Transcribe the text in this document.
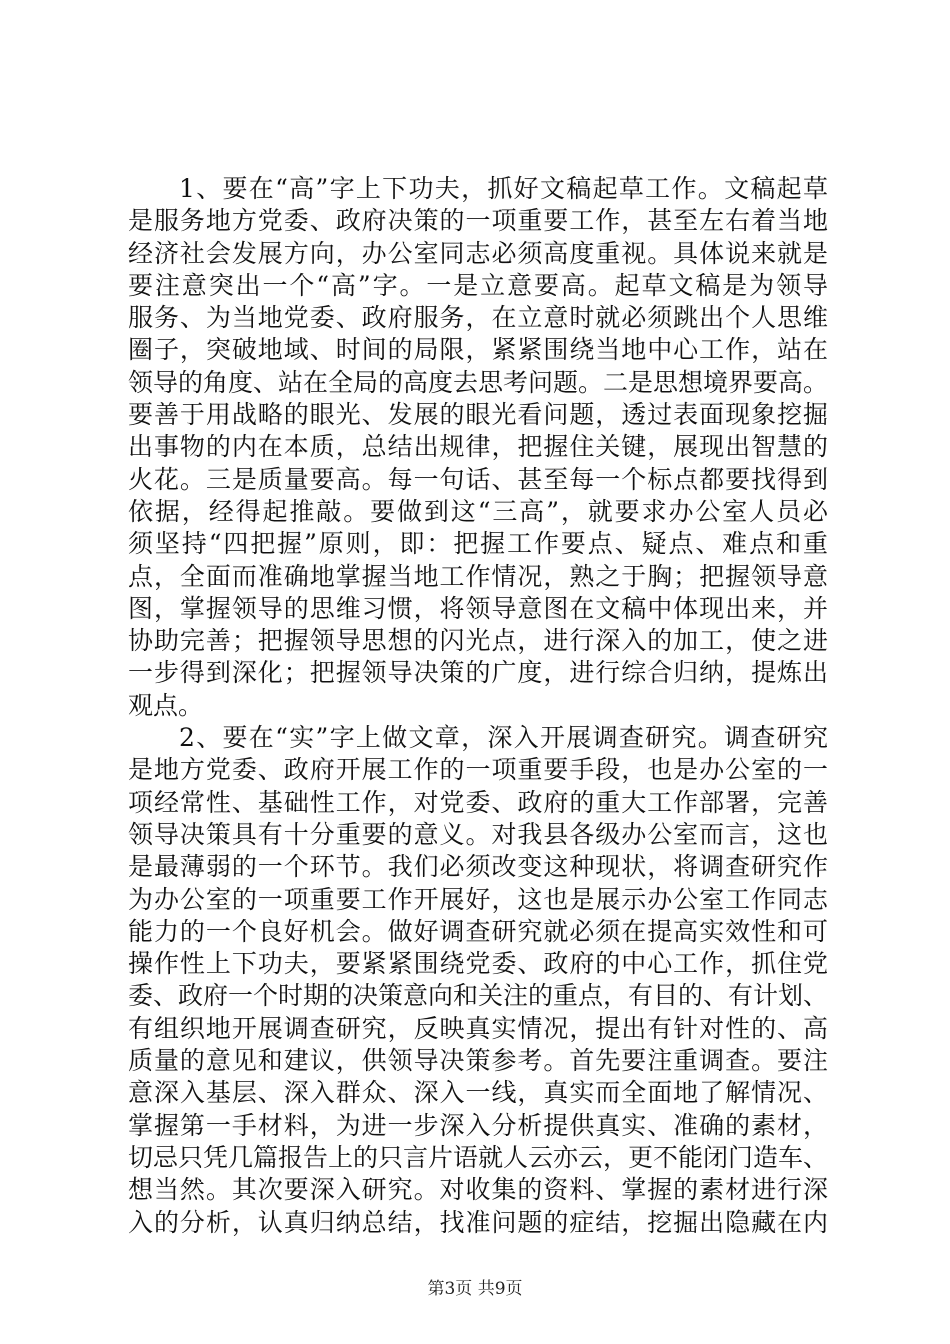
1、要在“高”字上下功夫，抓好文稿起草工作。文稿起草
是服务地方党委、政府决策的一项重要工作，甚至左右着当地
经济社会发展方向，办公室同志必须高度重视。具体说来就是
要注意突出一个“高”字。一是立意要高。起草文稿是为领导
服务、为当地党委、政府服务，在立意时就必须跳出个人思维
圈子，突破地域、时间的局限，紧紧围绕当地中心工作，站在
领导的角度、站在全局的高度去思考问题。二是思想境界要高。
要善于用战略的眼光、发展的眼光看问题，透过表面现象挖掘
出事物的内在本质，总结出规律，把握住关键，展现出智慧的
火花。三是质量要高。每一句话、甚至每一个标点都要找得到
依据，经得起推敲。要做到这“三高”，就要求办公室人员必
须坚持“四把握”原则，即：把握工作要点、疑点、难点和重
点，全面而准确地掌握当地工作情况，熟之于胸；把握领导意
图，掌握领导的思维习惯，将领导意图在文稿中体现出来，并
协助完善；把握领导思想的闪光点，进行深入的加工，使之进
一步得到深化；把握领导决策的广度，进行综合归纳，提炼出
观点。
2、要在“实”字上做文章，深入开展调查研究。调查研究
是地方党委、政府开展工作的一项重要手段，也是办公室的一
项经常性、基础性工作，对党委、政府的重大工作部署，完善
领导决策具有十分重要的意义。对我县各级办公室而言，这也
是最薄弱的一个环节。我们必须改变这种现状，将调查研究作
为办公室的一项重要工作开展好，这也是展示办公室工作同志
能力的一个良好机会。做好调查研究就必须在提高实效性和可
操作性上下功夫，要紧紧围绕党委、政府的中心工作，抓住党
委、政府一个时期的决策意向和关注的重点，有目的、有计划、
有组织地开展调查研究，反映真实情况，提出有针对性的、高
质量的意见和建议，供领导决策参考。首先要注重调查。要注
意深入基层、深入群众、深入一线，真实而全面地了解情况、
掌握第一手材料，为进一步深入分析提供真实、准确的素材，
切忌只凭几篇报告上的只言片语就人云亦云，更不能闭门造车、
想当然。其次要深入研究。对收集的资料、掌握的素材进行深
入的分析，认真归纳总结，找准问题的症结，挖掘出隐藏在内
第3页 共9页
